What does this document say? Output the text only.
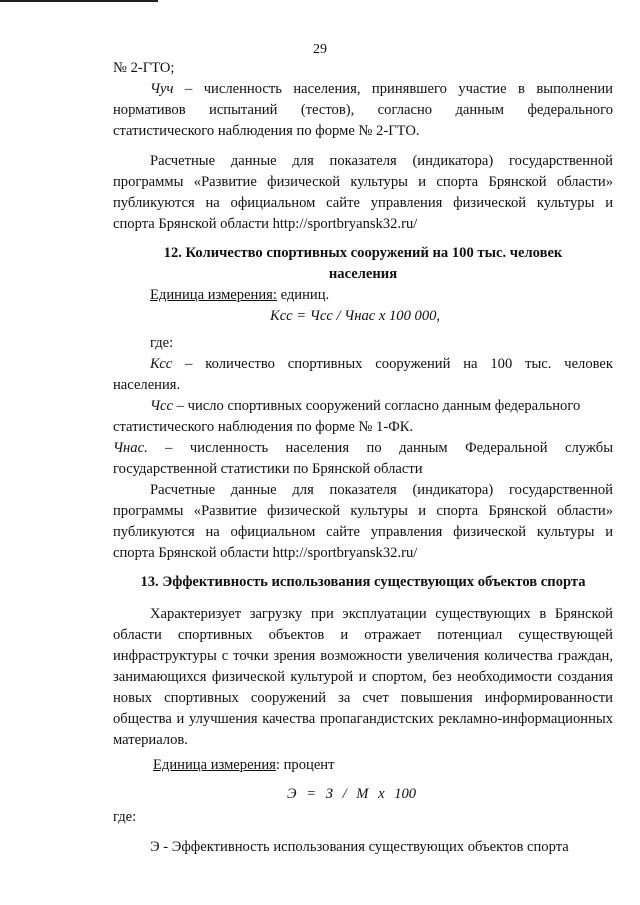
29
№ 2-ГТО;
Чуч – численность населения, принявшего участие в выполнении
нормативов испытаний (тестов), согласно данным федерального
статистического наблюдения по форме № 2-ГТО.
Расчетные данные для показателя (индикатора) государственной
программы «Развитие физической культуры и спорта Брянской области»
публикуются на официальном сайте управления физической культуры и
спорта Брянской области http://sportbryansk32.ru/
12. Количество спортивных сооружений на 100 тыс. человек
населения
Единица измерения: единиц.
Кcс = Чсс / Чнас х 100 000,
где:
Ксс – количество спортивных сооружений на 100 тыс. человек
населения.
Чсс – число спортивных сооружений согласно данным федерального
статистического наблюдения по форме № 1-ФК.
Чнас. – численность населения по данным Федеральной службы
государственной статистики по Брянской области
Расчетные данные для показателя (индикатора) государственной
программы «Развитие физической культуры и спорта Брянской области»
публикуются на официальном сайте управления физической культуры и
спорта Брянской области http://sportbryansk32.ru/
13. Эффективность использования существующих объектов спорта
Характеризует загрузку при эксплуатации существующих в Брянской
области спортивных объектов и отражает потенциал существующей
инфраструктуры с точки зрения возможности увеличения количества граждан,
занимающихся физической культурой и спортом, без необходимости создания
новых спортивных сооружений за счет повышения информированности
общества и улучшения качества пропагандистских рекламно-информационных
материалов.
Единица измерения: процент
Э = З / М х 100
где:
Э - Эффективность использования существующих объектов спорта
